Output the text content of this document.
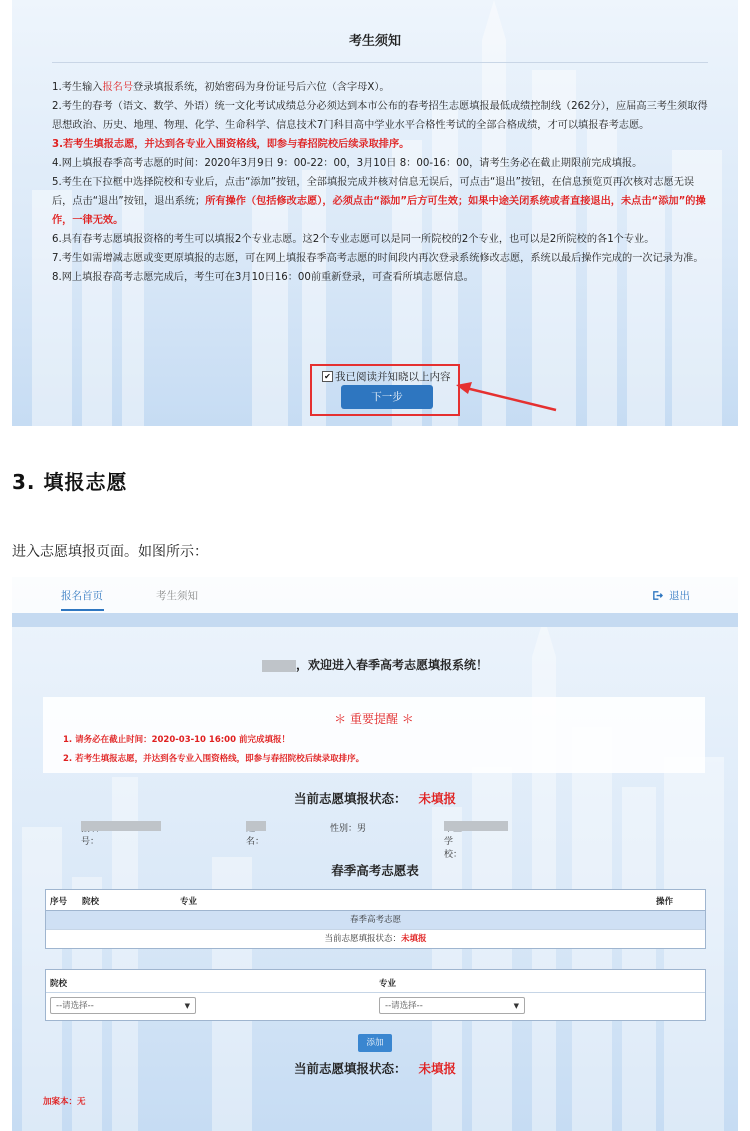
考生须知

1.考生输入报名号登录填报系统，初始密码为身份证号后六位（含字母X）。

2.考生的春考（语文、数学、外语）统一文化考试成绩总分必须达到本市公布的春考招生志愿填报最低成绩控制线（262分），应届高三考生须取得思想政治、历史、地理、物理、化学、生命科学、信息技术7门科目高中学业水平合格性考试的全部合格成绩，才可以填报春考志愿。

3.若考生填报志愿，并达到各专业入围资格线，即参与春招院校后续录取排序。

4.网上填报春季高考志愿的时间：2020年3月9日 9：00-22：00，3月10日 8：00-16：00，请考生务必在截止期限前完成填报。

5.考生在下拉框中选择院校和专业后，点击“添加”按钮，全部填报完成并核对信息无误后，可点击“退出”按钮，在信息预览页再次核对志愿无误后，点击“退出”按钮，退出系统；所有操作（包括修改志愿），必须点击“添加”后方可生效；如果中途关闭系统或者直接退出，未点击“添加”的操作，一律无效。

6.具有春考志愿填报资格的考生可以填报2个专业志愿。这2个专业志愿可以是同一所院校的2个专业，也可以是2所院校的各1个专业。

7.考生如需增减志愿或变更原填报的志愿，可在网上填报春季高考志愿的时间段内再次登录系统修改志愿，系统以最后操作完成的一次记录为准。

8.网上填报春高考志愿完成后，考生可在3月10日16：00前重新登录，可查看所填志愿信息。

✔ 我已阅读并知晓以上内容
下一步
3. 填报志愿
进入志愿填报页面。如图所示：
报名首页	考生须知	退出
，欢迎进入春季高考志愿填报系统！
＊ 重要提醒 ＊
1. 请务必在截止时间：2020-03-10 16:00 前完成填报！
2. 若考生填报志愿，并达到各专业入围资格线，即参与春招院校后续录取排序。
当前志愿填报状态： 未填报
号：	名：
性别：男
学校：
春季高考志愿表
序号 院校	专业	操作
春季高考志愿
当前志愿填报状态：未填报
院校	专业
--请选择--	▼	--请选择--	▼
添加
当前志愿填报状态： 未填报
加案本：无
